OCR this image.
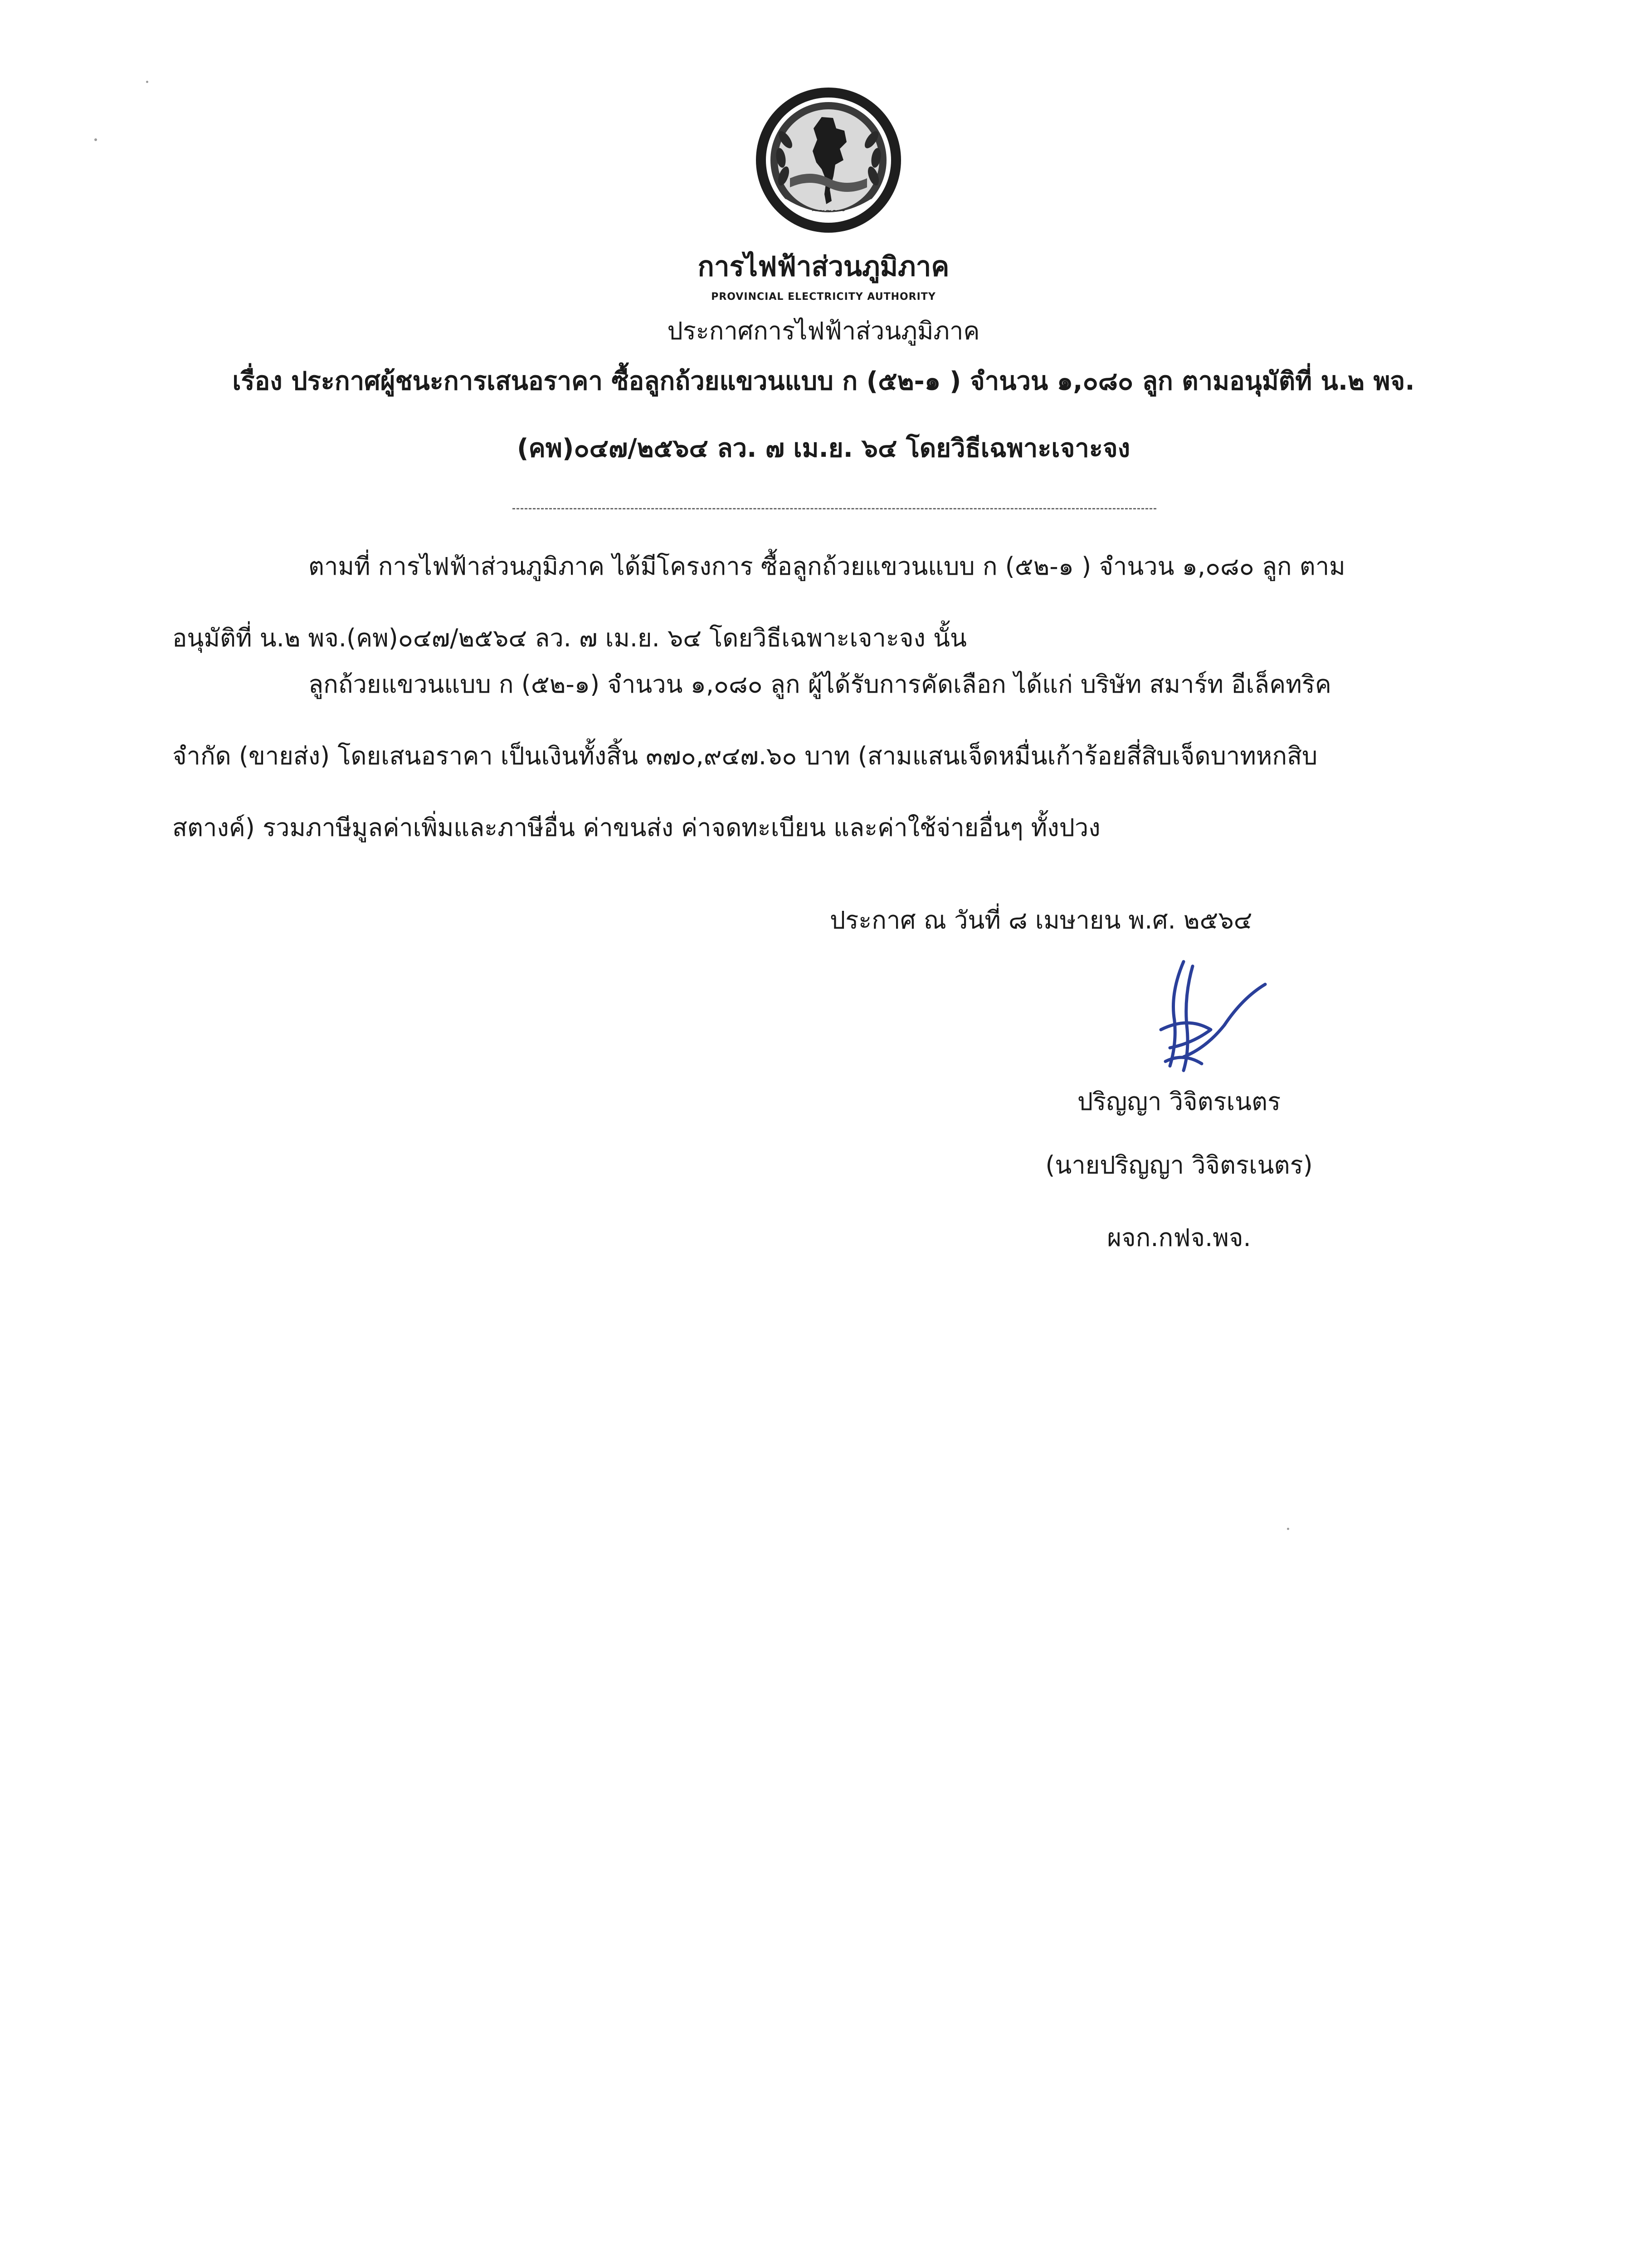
~~~~~
การไฟฟ้าส่วนภูมิภาค
PROVINCIAL ELECTRICITY AUTHORITY
ประกาศการไฟฟ้าส่วนภูมิภาค
เรื่อง ประกาศผู้ชนะการเสนอราคา ซื้อลูกถ้วยแขวนแบบ ก (๕๒-๑ ) จำนวน ๑,๐๘๐ ลูก ตามอนุมัติที่ น.๒ พจ.
(คพ)๐๔๗/๒๕๖๔ ลว. ๗ เม.ย. ๖๔ โดยวิธีเฉพาะเจาะจง
ตามที่ การไฟฟ้าส่วนภูมิภาค ได้มีโครงการ ซื้อลูกถ้วยแขวนแบบ ก (๕๒-๑ ) จำนวน ๑,๐๘๐ ลูก ตาม
อนุมัติที่ น.๒ พจ.(คพ)๐๔๗/๒๕๖๔ ลว. ๗ เม.ย. ๖๔ โดยวิธีเฉพาะเจาะจง นั้น
ลูกถ้วยแขวนแบบ ก (๕๒-๑) จำนวน ๑,๐๘๐ ลูก ผู้ได้รับการคัดเลือก ได้แก่ บริษัท สมาร์ท อีเล็คทริค
จำกัด (ขายส่ง) โดยเสนอราคา เป็นเงินทั้งสิ้น ๓๗๐,๙๔๗.๖๐ บาท (สามแสนเจ็ดหมื่นเก้าร้อยสี่สิบเจ็ดบาทหกสิบ
สตางค์) รวมภาษีมูลค่าเพิ่มและภาษีอื่น ค่าขนส่ง ค่าจดทะเบียน และค่าใช้จ่ายอื่นๆ ทั้งปวง
ประกาศ ณ วันที่ ๘ เมษายน พ.ศ. ๒๕๖๔
ปริญญา วิจิตรเนตร
(นายปริญญา วิจิตรเนตร)
ผจก.กฟจ.พจ.
